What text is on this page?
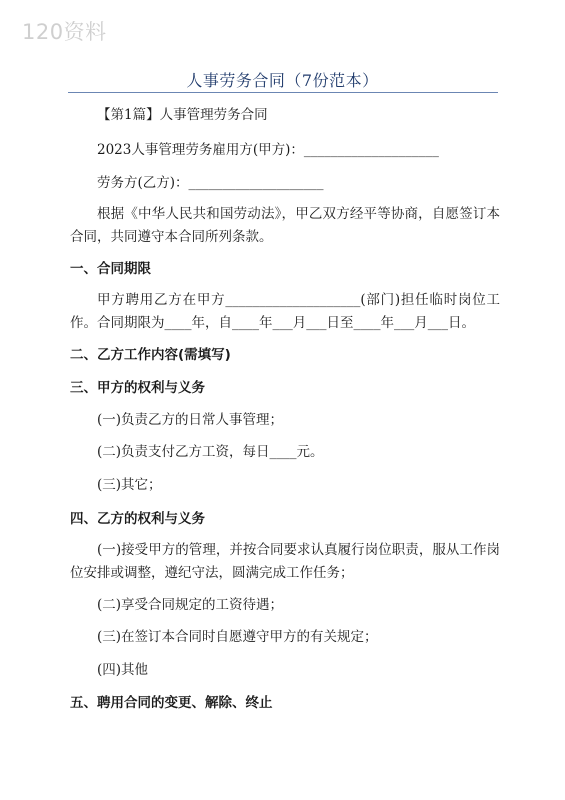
120资料
人事劳务合同（7份范本）
【第1篇】人事管理劳务合同
2023人事管理劳务雇用方(甲方)：____________________
劳务方(乙方)：____________________
根据《中华人民共和国劳动法》，甲乙双方经平等协商，自愿签订本合同，共同遵守本合同所列条款。
一、合同期限
甲方聘用乙方在甲方____________________(部门)担任临时岗位工作。合同期限为____年，自____年___月___日至____年___月___日。
二、乙方工作内容(需填写)
三、甲方的权利与义务
(一)负责乙方的日常人事管理；
(二)负责支付乙方工资，每日____元。
(三)其它；
四、乙方的权利与义务
(一)接受甲方的管理，并按合同要求认真履行岗位职责，服从工作岗位安排或调整，遵纪守法，圆满完成工作任务；
(二)享受合同规定的工资待遇；
(三)在签订本合同时自愿遵守甲方的有关规定；
(四)其他
五、聘用合同的变更、解除、终止
